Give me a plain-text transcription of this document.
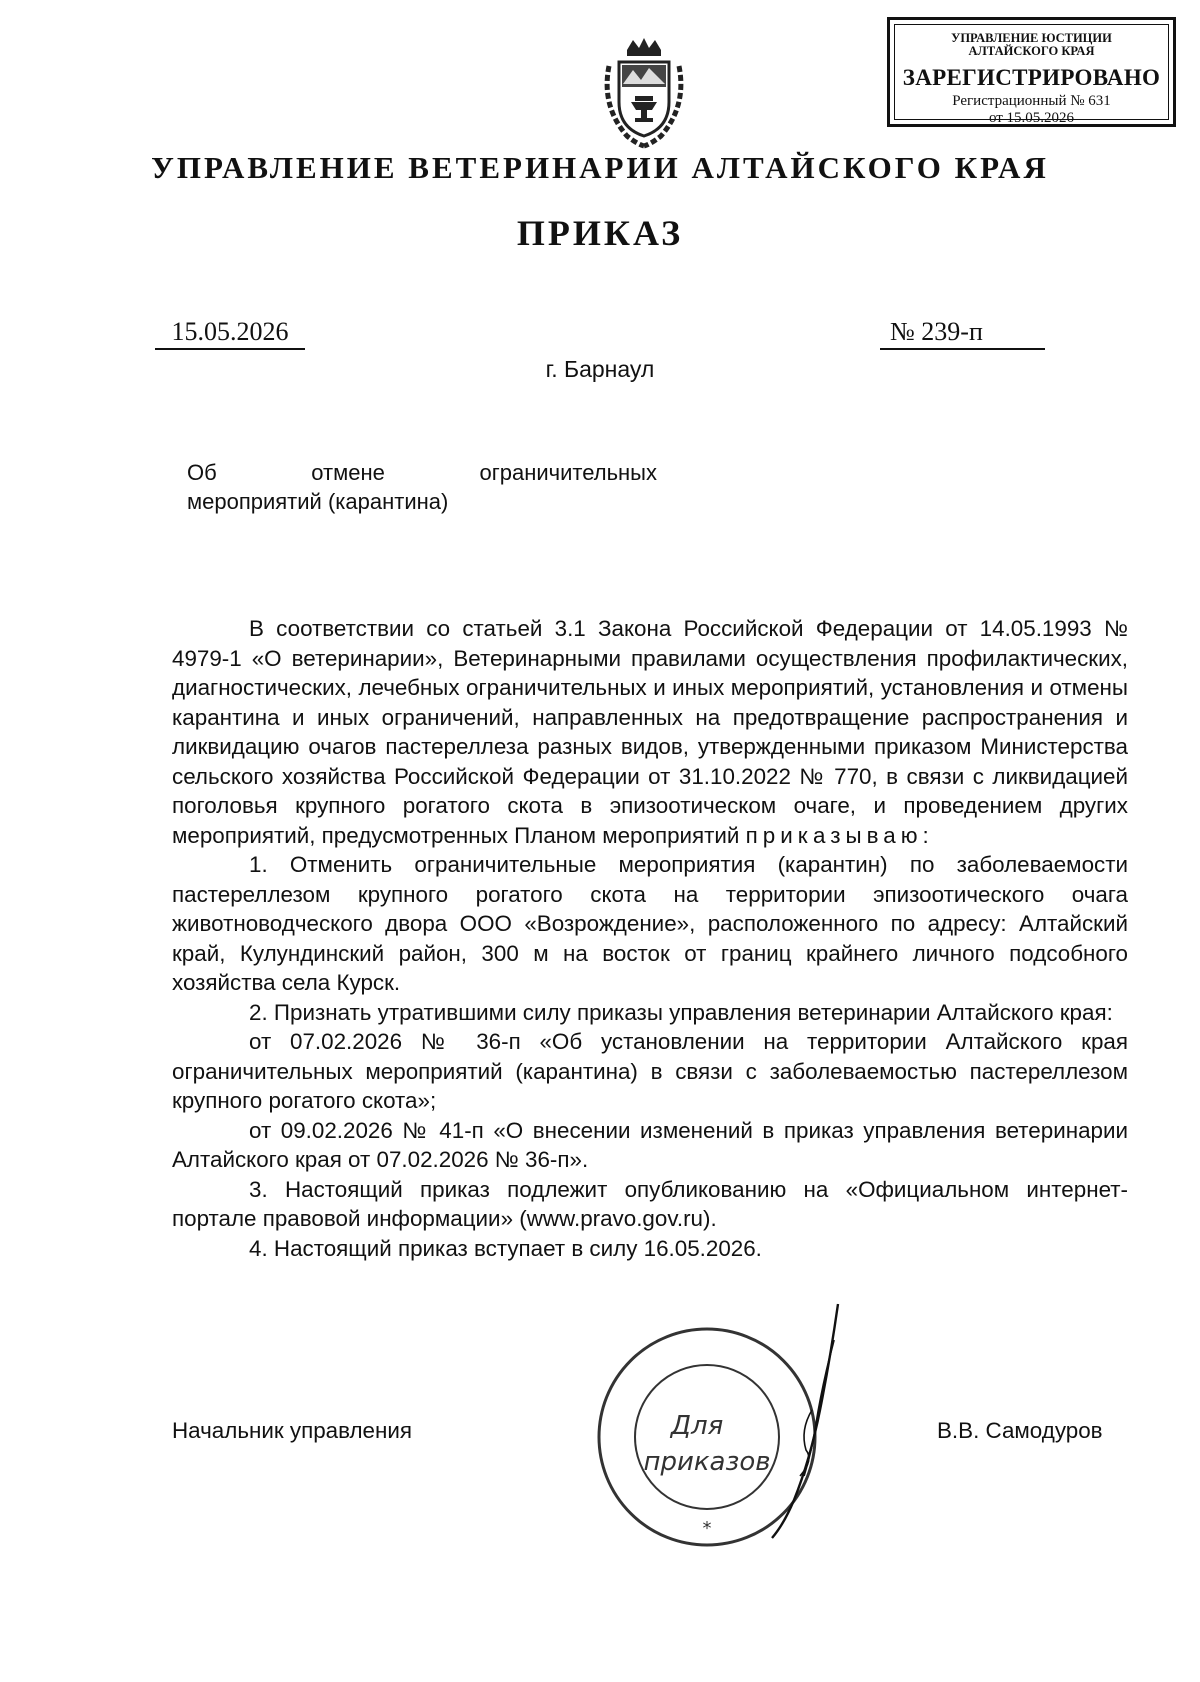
УПРАВЛЕНИЕ ЮСТИЦИИ
АЛТАЙСКОГО КРАЯ
ЗАРЕГИСТРИРОВАНО
Регистрационный № 631
от 15.05.2026
УПРАВЛЕНИЕ ВЕТЕРИНАРИИ АЛТАЙСКОГО КРАЯ
ПРИКАЗ
15.05.2026	№ 239-п
г. Барнаул
Об отмене ограничительных
мероприятий (карантина)

В соответствии со статьей 3.1 Закона Российской Федерации от 14.05.1993 № 4979-1 «О ветеринарии», Ветеринарными правилами осуществления профилактических, диагностических, лечебных ограничительных и иных мероприятий, установления и отмены карантина и иных ограничений, направленных на предотвращение распространения и ликвидацию очагов пастереллеза разных видов, утвержденными приказом Министерства сельского хозяйства Российской Федерации от 31.10.2022 № 770, в связи с ликвидацией поголовья крупного рогатого скота в эпизоотическом очаге, и проведением других мероприятий, предусмотренных Планом мероприятий приказываю:

1. Отменить ограничительные мероприятия (карантин) по заболеваемости пастереллезом крупного рогатого скота на территории эпизоотического очага животноводческого двора ООО «Возрождение», расположенного по адресу: Алтайский край, Кулундинский район, 300 м на восток от границ крайнего личного подсобного хозяйства села Курск.

2. Признать утратившими силу приказы управления ветеринарии Алтайского края:

от 07.02.2026 № 36-п «Об установлении на территории Алтайского края ограничительных мероприятий (карантина) в связи с заболеваемостью пастереллезом крупного рогатого скота»;

от 09.02.2026 № 41-п «О внесении изменений в приказ управления ветеринарии Алтайского края от 07.02.2026 № 36-п».

3. Настоящий приказ подлежит опубликованию на «Официальном интернет-портале правовой информации» (www.pravo.gov.ru).

4. Настоящий приказ вступает в силу 16.05.2026.

Начальник управления	В.В. Самодуров
Для
приказов
*
